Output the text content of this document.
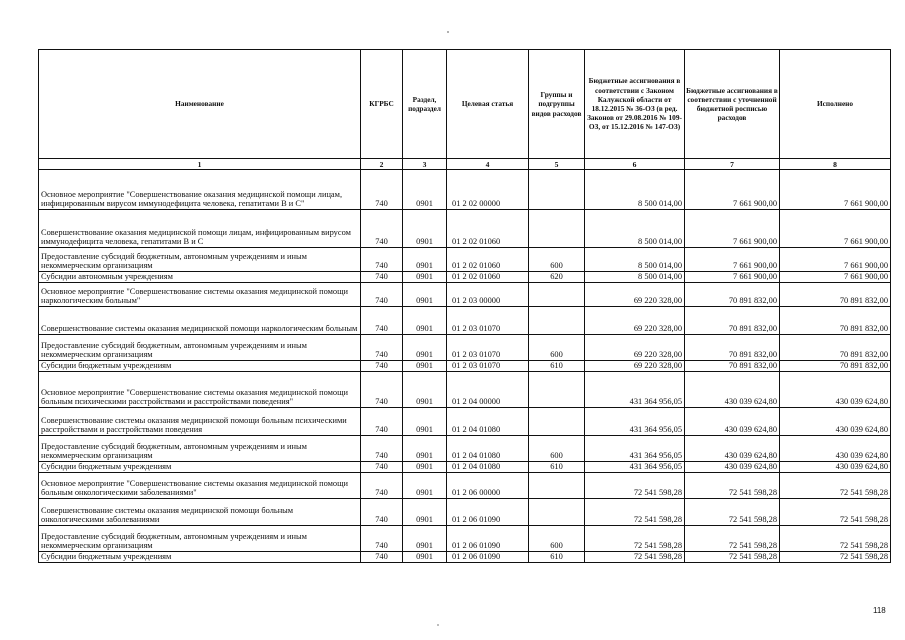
Наименование	КГРБС	Раздел, подраздел	Целевая статья	Группы и подгруппы видов расходов	Бюджетные ассигнования в соответствии с Законом Калужской области от 18.12.2015 № 36-ОЗ (в ред. Законов от 29.08.2016 № 109-ОЗ, от 15.12.2016 № 147-ОЗ)	Бюджетные ассигнования в соответствии с уточненной бюджетной росписью расходов	Исполнено
1	2	3	4	5	6	7	8
Основное мероприятие "Совершенствование оказания медицинской помощи лицам, инфицированным вирусом иммунодефицита человека, гепатитами В и С"	740	0901	01 2 02 00000		8 500 014,00	7 661 900,00	7 661 900,00
Совершенствование оказания медицинской помощи лицам, инфицированным вирусом иммунодефицита человека, гепатитами В и С	740	0901	01 2 02 01060		8 500 014,00	7 661 900,00	7 661 900,00
Предоставление субсидий бюджетным, автономным учреждениям и иным некоммерческим организациям	740	0901	01 2 02 01060	600	8 500 014,00	7 661 900,00	7 661 900,00
Субсидии автономным учреждениям	740	0901	01 2 02 01060	620	8 500 014,00	7 661 900,00	7 661 900,00
Основное мероприятие "Совершенствование системы оказания медицинской помощи наркологическим больным"	740	0901	01 2 03 00000		69 220 328,00	70 891 832,00	70 891 832,00
Совершенствование системы оказания медицинской помощи наркологическим больным	740	0901	01 2 03 01070		69 220 328,00	70 891 832,00	70 891 832,00
Предоставление субсидий бюджетным, автономным учреждениям и иным некоммерческим организациям	740	0901	01 2 03 01070	600	69 220 328,00	70 891 832,00	70 891 832,00
Субсидии бюджетным учреждениям	740	0901	01 2 03 01070	610	69 220 328,00	70 891 832,00	70 891 832,00
Основное мероприятие "Совершенствование системы оказания медицинской помощи больным психическими расстройствами и расстройствами поведения"	740	0901	01 2 04 00000		431 364 956,05	430 039 624,80	430 039 624,80
Совершенствование системы оказания медицинской помощи больным психическими расстройствами и расстройствами поведения	740	0901	01 2 04 01080		431 364 956,05	430 039 624,80	430 039 624,80
Предоставление субсидий бюджетным, автономным учреждениям и иным некоммерческим организациям	740	0901	01 2 04 01080	600	431 364 956,05	430 039 624,80	430 039 624,80
Субсидии бюджетным учреждениям	740	0901	01 2 04 01080	610	431 364 956,05	430 039 624,80	430 039 624,80
Основное мероприятие "Совершенствование системы оказания медицинской помощи больным онкологическими заболеваниями"	740	0901	01 2 06 00000		72 541 598,28	72 541 598,28	72 541 598,28
Совершенствование системы оказания медицинской помощи больным онкологическими заболеваниями	740	0901	01 2 06 01090		72 541 598,28	72 541 598,28	72 541 598,28
Предоставление субсидий бюджетным, автономным учреждениям и иным некоммерческим организациям	740	0901	01 2 06 01090	600	72 541 598,28	72 541 598,28	72 541 598,28
Субсидии бюджетным учреждениям	740	0901	01 2 06 01090	610	72 541 598,28	72 541 598,28	72 541 598,28
118
